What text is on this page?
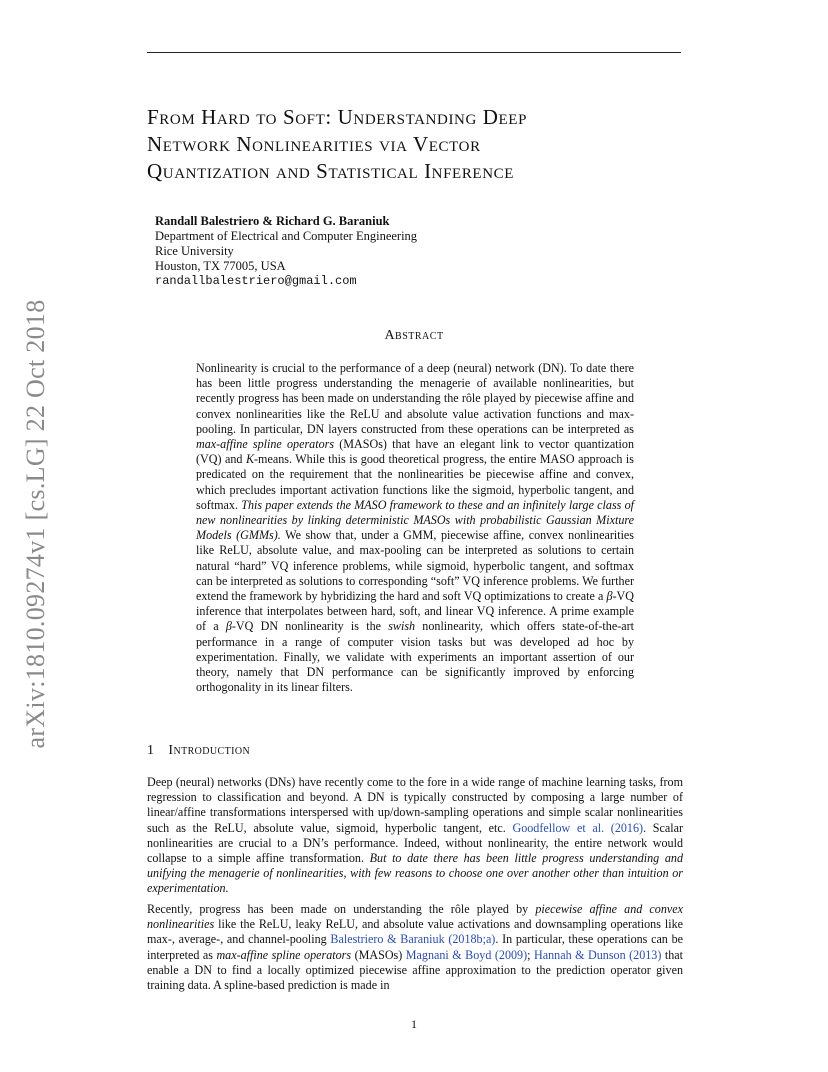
From Hard to Soft: Understanding Deep
Network Nonlinearities via Vector
Quantization and Statistical Inference
Randall Balestriero & Richard G. Baraniuk
Department of Electrical and Computer Engineering
Rice University
Houston, TX 77005, USA
randallbalestriero@gmail.com
arXiv:1810.09274v1 [cs.LG] 22 Oct 2018	Abstract
Nonlinearity is crucial to the performance of a deep (neural) network (DN). To date there has been little progress understanding the menagerie of available nonlinearities, but recently progress has been made on understanding the rôle played by piecewise affine and convex nonlinearities like the ReLU and absolute value activation functions and max-pooling. In particular, DN layers constructed from these operations can be interpreted as max-affine spline operators (MASOs) that have an elegant link to vector quantization (VQ) and K-means. While this is good theoretical progress, the entire MASO approach is predicated on the requirement that the nonlinearities be piecewise affine and convex, which precludes important activation functions like the sigmoid, hyperbolic tangent, and softmax. This paper extends the MASO framework to these and an infinitely large class of new nonlinearities by linking deterministic MASOs with probabilistic Gaussian Mixture Models (GMMs). We show that, under a GMM, piecewise affine, convex nonlinearities like ReLU, absolute value, and max-pooling can be interpreted as solutions to certain natural “hard” VQ inference problems, while sigmoid, hyperbolic tangent, and softmax can be interpreted as solutions to corresponding “soft” VQ inference problems. We further extend the framework by hybridizing the hard and soft VQ optimizations to create a β-VQ inference that interpolates between hard, soft, and linear VQ inference. A prime example of a β-VQ DN nonlinearity is the swish nonlinearity, which offers state-of-the-art performance in a range of computer vision tasks but was developed ad hoc by experimentation. Finally, we validate with experiments an important assertion of our theory, namely that DN performance can be significantly improved by enforcing orthogonality in its linear filters.
1 Introduction
Deep (neural) networks (DNs) have recently come to the fore in a wide range of machine learning tasks, from regression to classification and beyond. A DN is typically constructed by composing a large number of linear/affine transformations interspersed with up/down-sampling operations and simple scalar nonlinearities such as the ReLU, absolute value, sigmoid, hyperbolic tangent, etc. Goodfellow et al. (2016). Scalar nonlinearities are crucial to a DN’s performance. Indeed, without nonlinearity, the entire network would collapse to a simple affine transformation. But to date there has been little progress understanding and unifying the menagerie of nonlinearities, with few reasons to choose one over another other than intuition or experimentation.
Recently, progress has been made on understanding the rôle played by piecewise affine and convex nonlinearities like the ReLU, leaky ReLU, and absolute value activations and downsampling operations like max-, average-, and channel-pooling Balestriero & Baraniuk (2018b;a). In particular, these operations can be interpreted as max-affine spline operators (MASOs) Magnani & Boyd (2009); Hannah & Dunson (2013) that enable a DN to find a locally optimized piecewise affine approximation to the prediction operator given training data. A spline-based prediction is made in
1
